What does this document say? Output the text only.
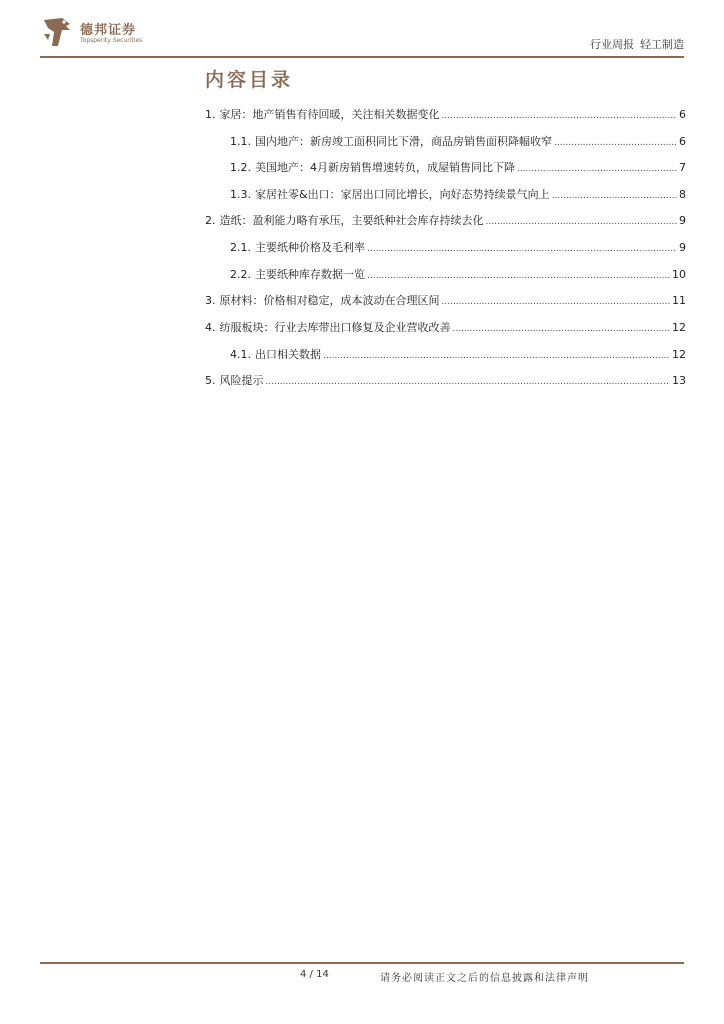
德邦证券
Topsperity Securities	行业周报 轻工制造
内容目录
1. 家居：地产销售有待回暖，关注相关数据变化 .....	6
1.1. 国内地产：新房竣工面积同比下滑，商品房销售面积降幅收窄 .....	6
1.2. 美国地产：4月新房销售增速转负，成屋销售同比下降 .....	7
1.3. 家居社零&出口：家居出口同比增长，向好态势持续景气向上 .....	8
2. 造纸：盈利能力略有承压，主要纸种社会库存持续去化 .....	9
2.1. 主要纸种价格及毛利率 .....	9
2.2. 主要纸种库存数据一览 .....	10
3. 原材料：价格相对稳定，成本波动在合理区间 .....	11
4. 纺服板块：行业去库带出口修复及企业营收改善 .....	12
4.1. 出口相关数据 .....	12
5. 风险提示 .....	13
4 / 14	请务必阅读正文之后的信息披露和法律声明
